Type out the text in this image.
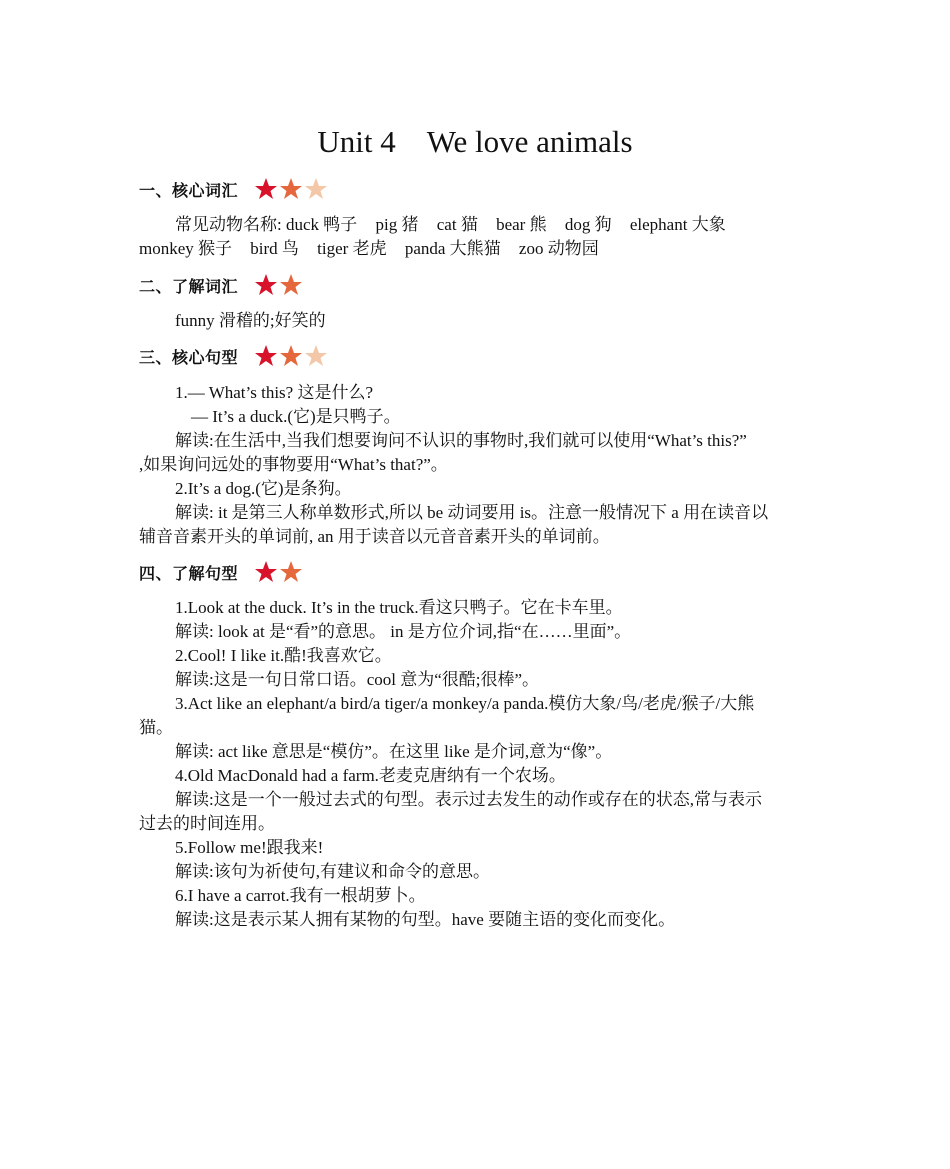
Unit 4　We love animals
一、核心词汇
常见动物名称: duck 鸭子 pig 猪 cat 猫 bear 熊 dog 狗 elephant 大象
monkey 猴子 bird 鸟 tiger 老虎 panda 大熊猫 zoo 动物园
二、了解词汇
funny 滑稽的;好笑的
三、核心句型
1.— What’s this? 这是什么?
— It’s a duck.(它)是只鸭子。
解读:在生活中,当我们想要询问不认识的事物时,我们就可以使用“What’s this?”
,如果询问远处的事物要用“What’s that?”。
2.It’s a dog.(它)是条狗。
解读: it 是第三人称单数形式,所以 be 动词要用 is。注意一般情况下 a 用在读音以
辅音音素开头的单词前, an 用于读音以元音音素开头的单词前。
四、了解句型
1.Look at the duck. It’s in the truck.看这只鸭子。它在卡车里。
解读: look at 是“看”的意思。 in 是方位介词,指“在……里面”。
2.Cool! I like it.酷!我喜欢它。
解读:这是一句日常口语。cool 意为“很酷;很棒”。
3.Act like an elephant/a bird/a tiger/a monkey/a panda.模仿大象/鸟/老虎/猴子/大熊
猫。
解读: act like 意思是“模仿”。在这里 like 是介词,意为“像”。
4.Old MacDonald had a farm.老麦克唐纳有一个农场。
解读:这是一个一般过去式的句型。表示过去发生的动作或存在的状态,常与表示
过去的时间连用。
5.Follow me!跟我来!
解读:该句为祈使句,有建议和命令的意思。
6.I have a carrot.我有一根胡萝卜。
解读:这是表示某人拥有某物的句型。have 要随主语的变化而变化。
